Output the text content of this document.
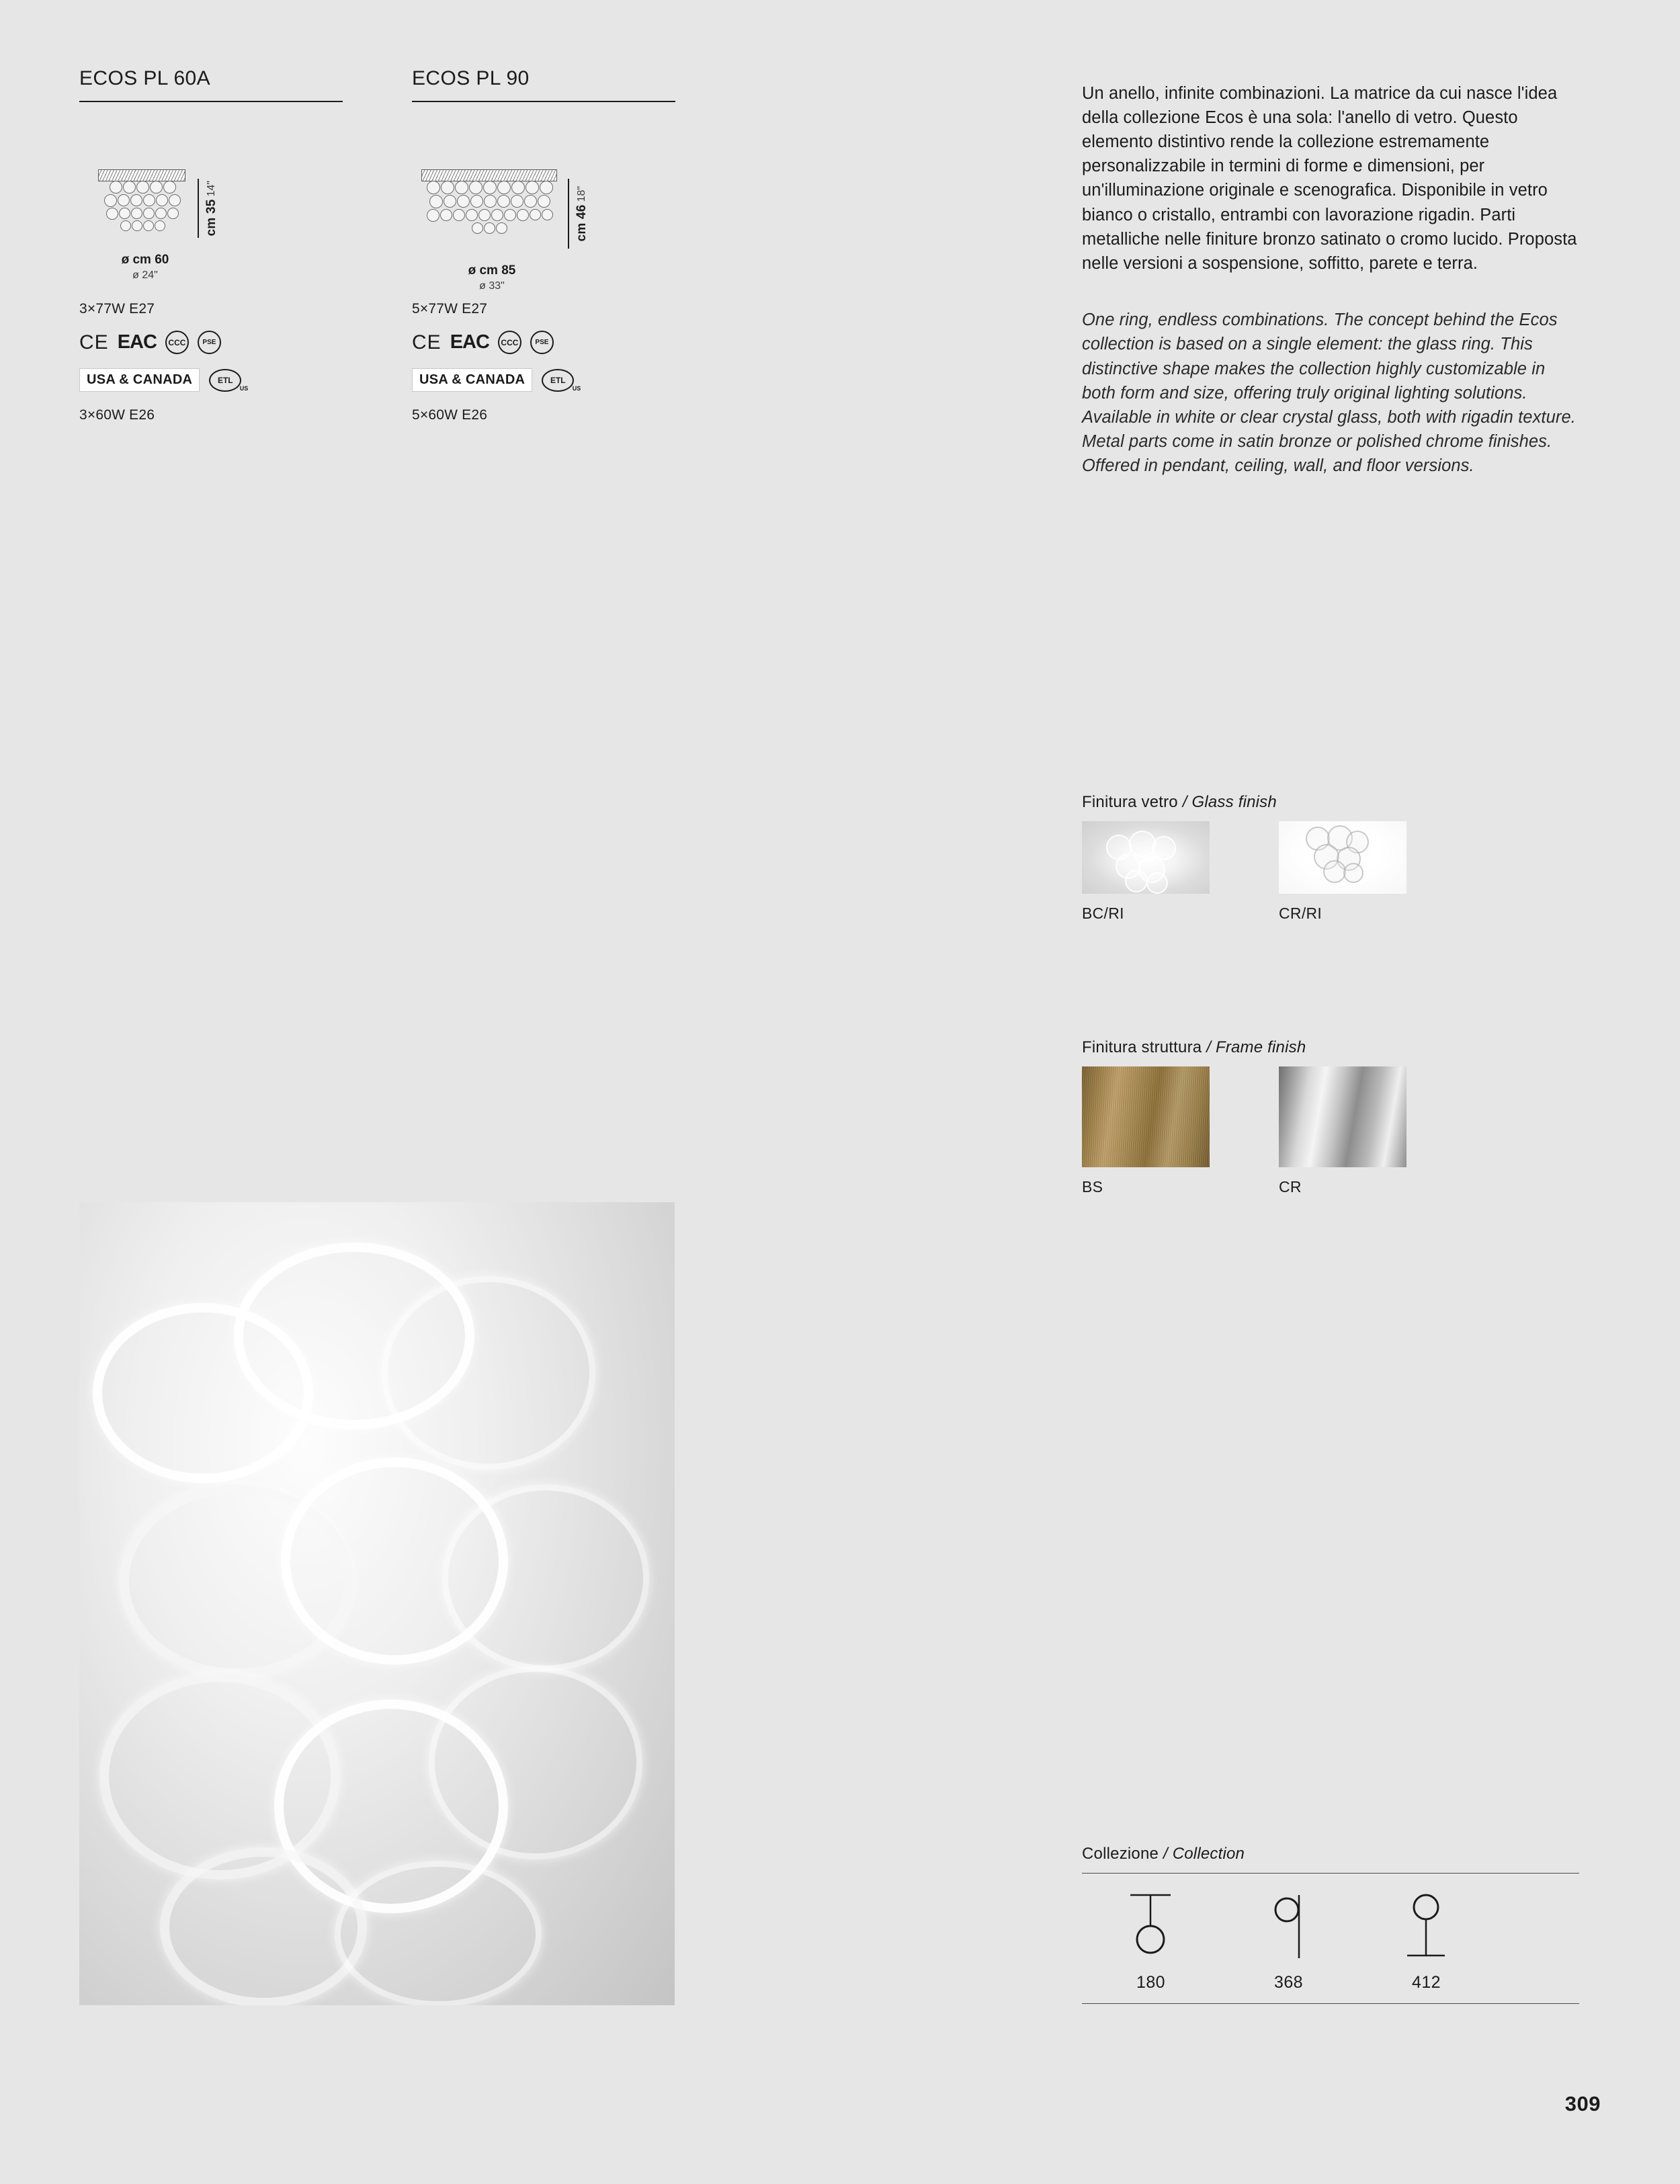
ECOS PL 60A
cm 35
14"
ø cm 60
ø 24"
3×77W E27
CE EAC	CCC	PSE
USA & CANADA	ETL
US
3×60W E26
ECOS PL 90
cm 46
18"
ø cm 85
ø 33"
5×77W E27
CE EAC	CCC	PSE
USA & CANADA	ETL
US
5×60W E26

Un anello, infinite combinazioni. La matrice da cui nasce l'idea della collezione Ecos è una sola: l'anello di vetro. Questo elemento distintivo rende la collezione estremamente personalizzabile in termini di forme e dimensioni, per un'illuminazione originale e scenografica. Disponibile in vetro bianco o cristallo, entrambi con lavorazione rigadin. Parti metalliche nelle finiture bronzo satinato o cromo lucido. Proposta nelle versioni a sospensione, soffitto, parete e terra.

One ring, endless combinations. The concept behind the Ecos collection is based on a single element: the glass ring. This distinctive shape makes the collection highly customizable in both form and size, offering truly original lighting solutions. Available in white or clear crystal glass, both with rigadin texture. Metal parts come in satin bronze or polished chrome finishes. Offered in pendant, ceiling, wall, and floor versions.

Finitura vetro / Glass finish
BC/RI	CR/RI
Finitura struttura / Frame finish
BS	CR
Collezione / Collection
180	368	412
309
